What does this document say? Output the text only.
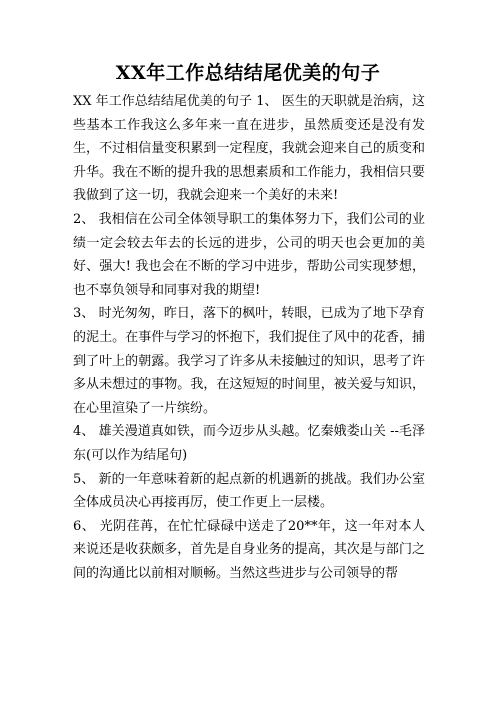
XX年工作总结结尾优美的句子

XX 年工作总结结尾优美的句子 1、 医生的天职就是治病，这些基本工作我这么多年来一直在进步，虽然质变还是没有发生，不过相信量变积累到一定程度，我就会迎来自己的质变和升华。我在不断的提升我的思想素质和工作能力，我相信只要我做到了这一切，我就会迎来一个美好的未来!

2、 我相信在公司全体领导职工的集体努力下，我们公司的业绩一定会较去年去的长远的进步，公司的明天也会更加的美好、强大! 我也会在不断的学习中进步，帮助公司实现梦想，也不辜负领导和同事对我的期望!

3、 时光匆匆，昨日，落下的枫叶，转眼，已成为了地下孕育的泥土。在事件与学习的怀抱下，我们捉住了风中的花香，捕到了叶上的朝露。我学习了许多从未接触过的知识，思考了许多从未想过的事物。我，在这短短的时间里，被关爱与知识，在心里渲染了一片缤纷。

4、 雄关漫道真如铁，而今迈步从头越。忆秦娥娄山关 --毛泽东(可以作为结尾句)

5、 新的一年意味着新的起点新的机遇新的挑战。我们办公室全体成员决心再接再厉，使工作更上一层楼。

6、 光阴荏苒，在忙忙碌碌中送走了20**年，这一年对本人来说还是收获颇多，首先是自身业务的提高，其次是与部门之间的沟通比以前相对顺畅。当然这些进步与公司领导的帮
